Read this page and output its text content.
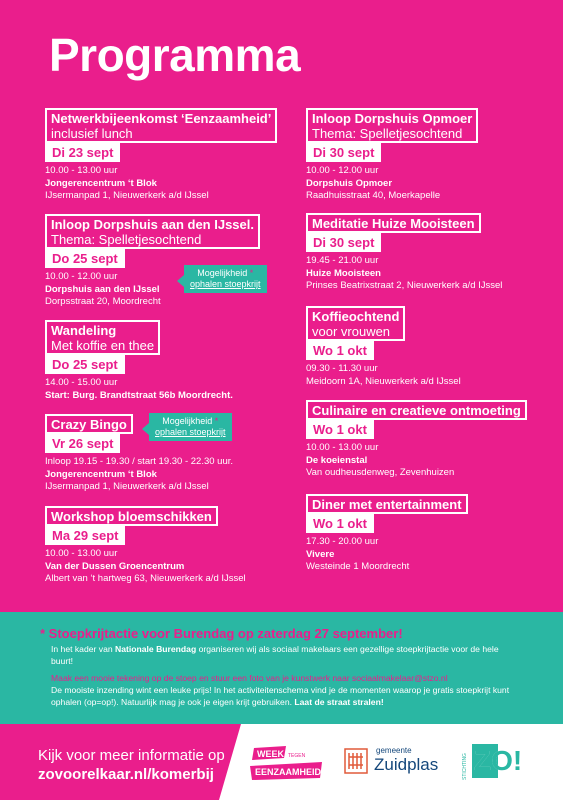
Programma
Netwerkbijeenkomst ‘Eenzaamheid’
inclusief lunch
Di 23 sept
10.00 - 13.00 uur
Jongerencentrum ‘t Blok
IJsermanpad 1, Nieuwerkerk a/d IJssel
Inloop Dorpshuis aan den IJssel.
Thema: Spelletjesochtend
Do 25 sept
10.00 - 12.00 uur
Dorpshuis aan den IJssel
Dorpsstraat 20, Moordrecht
Wandeling
Met koffie en thee
Do 25 sept
14.00 - 15.00 uur
Start: Burg. Brandtstraat 56b Moordrecht.
Crazy Bingo
Vr 26 sept
Inloop 19.15 - 19.30 / start 19.30 - 22.30 uur.
Jongerencentrum ‘t Blok
IJsermanpad 1, Nieuwerkerk a/d IJssel
Workshop bloemschikken
Ma 29 sept
10.00 - 13.00 uur
Van der Dussen Groencentrum
Albert van ‘t hartweg 63, Nieuwerkerk a/d IJssel
Mogelijkheid *
ophalen stoepkrijt
Mogelijkheid *
ophalen stoepkrijt
Inloop Dorpshuis Opmoer
Thema: Spelletjesochtend
Di 30 sept
10.00 - 12.00 uur
Dorpshuis Opmoer
Raadhuisstraat 40, Moerkapelle
Meditatie Huize Mooisteen
Di 30 sept
19.45 - 21.00 uur
Huize Mooisteen
Prinses Beatrixstraat 2, Nieuwerkerk a/d IJssel
Koffieochtend
voor vrouwen
Wo 1 okt
09.30 - 11.30 uur
Meidoorn 1A, Nieuwerkerk a/d IJssel
Culinaire en creatieve ontmoeting
Wo 1 okt
10.00 - 13.00 uur
De koeienstal
Van oudheusdenweg, Zevenhuizen
Diner met entertainment
Wo 1 okt
17.30 - 20.00 uur
Vivere
Westeinde 1 Moordrecht
* Stoepkrijtactie voor Burendag op zaterdag 27 september!
In het kader van Nationale Burendag organiseren wij als sociaal makelaars een gezellige stoepkrijtactie voor de hele buurt!
Maak een mooie tekening op de stoep en stuur een foto van je kunstwerk naar sociaalmakelaar@stzo.nl
De mooiste inzending wint een leuke prijs! In het activiteitenschema vind je de momenten waarop je gratis stoepkrijt kunt ophalen (op=op!). Natuurlijk mag je ook je eigen krijt gebruiken. Laat de straat stralen!
Kijk voor meer informatie op
zovoorelkaar.nl/komerbij
WEEK TEGEN
EENZAAMHEID
gemeente
Zuidplas	STICHTING ZO!
